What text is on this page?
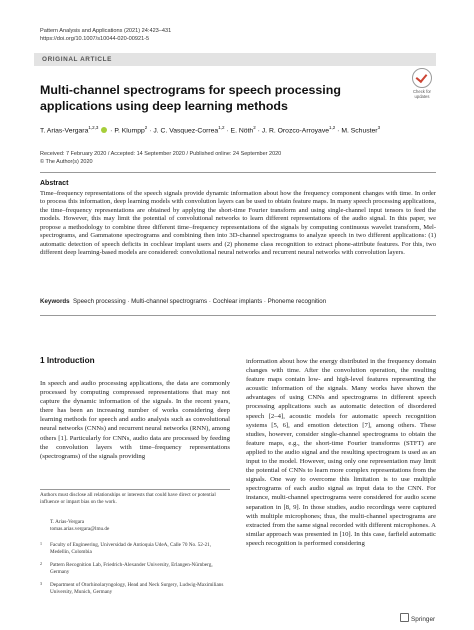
Pattern Analysis and Applications (2021) 24:423–431
https://doi.org/10.1007/s10044-020-00921-5
ORIGINAL ARTICLE
Check for updates
Multi-channel spectrograms for speech processing applications using deep learning methods
T. Arias-Vergara$^{1,2,3}$  · P. Klumpp$^2$ · J. C. Vasquez-Correa$^{1,2}$ · E. Nöth$^2$ · J. R. Orozco-Arroyave$^{1,2}$ · M. Schuster$^3$
Received: 7 February 2020 / Accepted: 14 September 2020 / Published online: 24 September 2020
© The Author(s) 2020
Abstract
Time–frequency representations of the speech signals provide dynamic information about how the frequency component changes with time. In order to process this information, deep learning models with convolution layers can be used to obtain feature maps. In many speech processing applications, the time–frequency representations are obtained by applying the short-time Fourier transform and using single-channel input tensors to feed the models. However, this may limit the potential of convolutional networks to learn different representations of the audio signal. In this paper, we propose a methodology to combine three different time–frequency representations of the signals by computing continuous wavelet transform, Mel-spectrograms, and Gammatone spectrograms and combining then into 3D-channel spectrograms to analyze speech in two different applications: (1) automatic detection of speech deficits in cochlear implant users and (2) phoneme class recognition to extract phone-attribute features. For this, two different deep learning-based models are considered: convolutional neural networks and recurrent neural networks with convolution layers.
Keywords Speech processing · Multi-channel spectrograms · Cochlear implants · Phoneme recognition
1 Introduction

In speech and audio processing applications, the data are commonly processed by computing compressed representations that may not capture the dynamic information of the signals. In the recent years, there has been an increasing number of works considering deep learning methods for speech and audio analysis such as convolutional neural networks (CNNs) and recurrent neural networks (RNN), among others [1]. Particularly for CNNs, audio data are processed by feeding the convolution layers with time–frequency representations (spectrograms) of the signals providing

information about how the energy distributed in the frequency domain changes with time. After the convolution operation, the resulting feature maps contain low- and high-level features representing the acoustic information of the signals. Many works have shown the advantages of using CNNs and spectrograms in different speech processing applications such as automatic detection of disordered speech [2–4], acoustic models for automatic speech recognition systems [5, 6], and emotion detection [7], among others. These studies, however, consider single-channel spectrograms to obtain the feature maps, e.g., the short-time Fourier transforms (STFT) are applied to the audio signal and the resulting spectrogram is used as an input to the model. However, using only one representation may limit the potential of CNNs to learn more complex representations from the signals. One way to overcome this limitation is to use multiple spectrograms of each audio signal as input data to the CNN. For instance, multi-channel spectrograms were considered for audio scene separation in [8, 9]. In those studies, audio recordings were captured with multiple microphones; thus, the multi-channel spectrograms are extracted from the same signal recorded with different microphones. A similar approach was presented in [10]. In this case, farfield automatic speech recognition is performed considering

Authors must disclose all relationships or interests that could have direct or potential influence or impart bias on the work.
T. Arias-Vergara
tomas.arias.vergara@lmu.de
1 Faculty of Engineering, Universidad de Antioquia UdeA, Calle 70 No. 52-21, Medellín, Colombia
2 Pattern Recognition Lab, Friedrich-Alexander University, Erlangen-Nürnberg, Germany
3 Department of Otorhinolaryngology, Head and Neck Surgery, Ludwig-Maximilians University, Munich, Germany
Springer
